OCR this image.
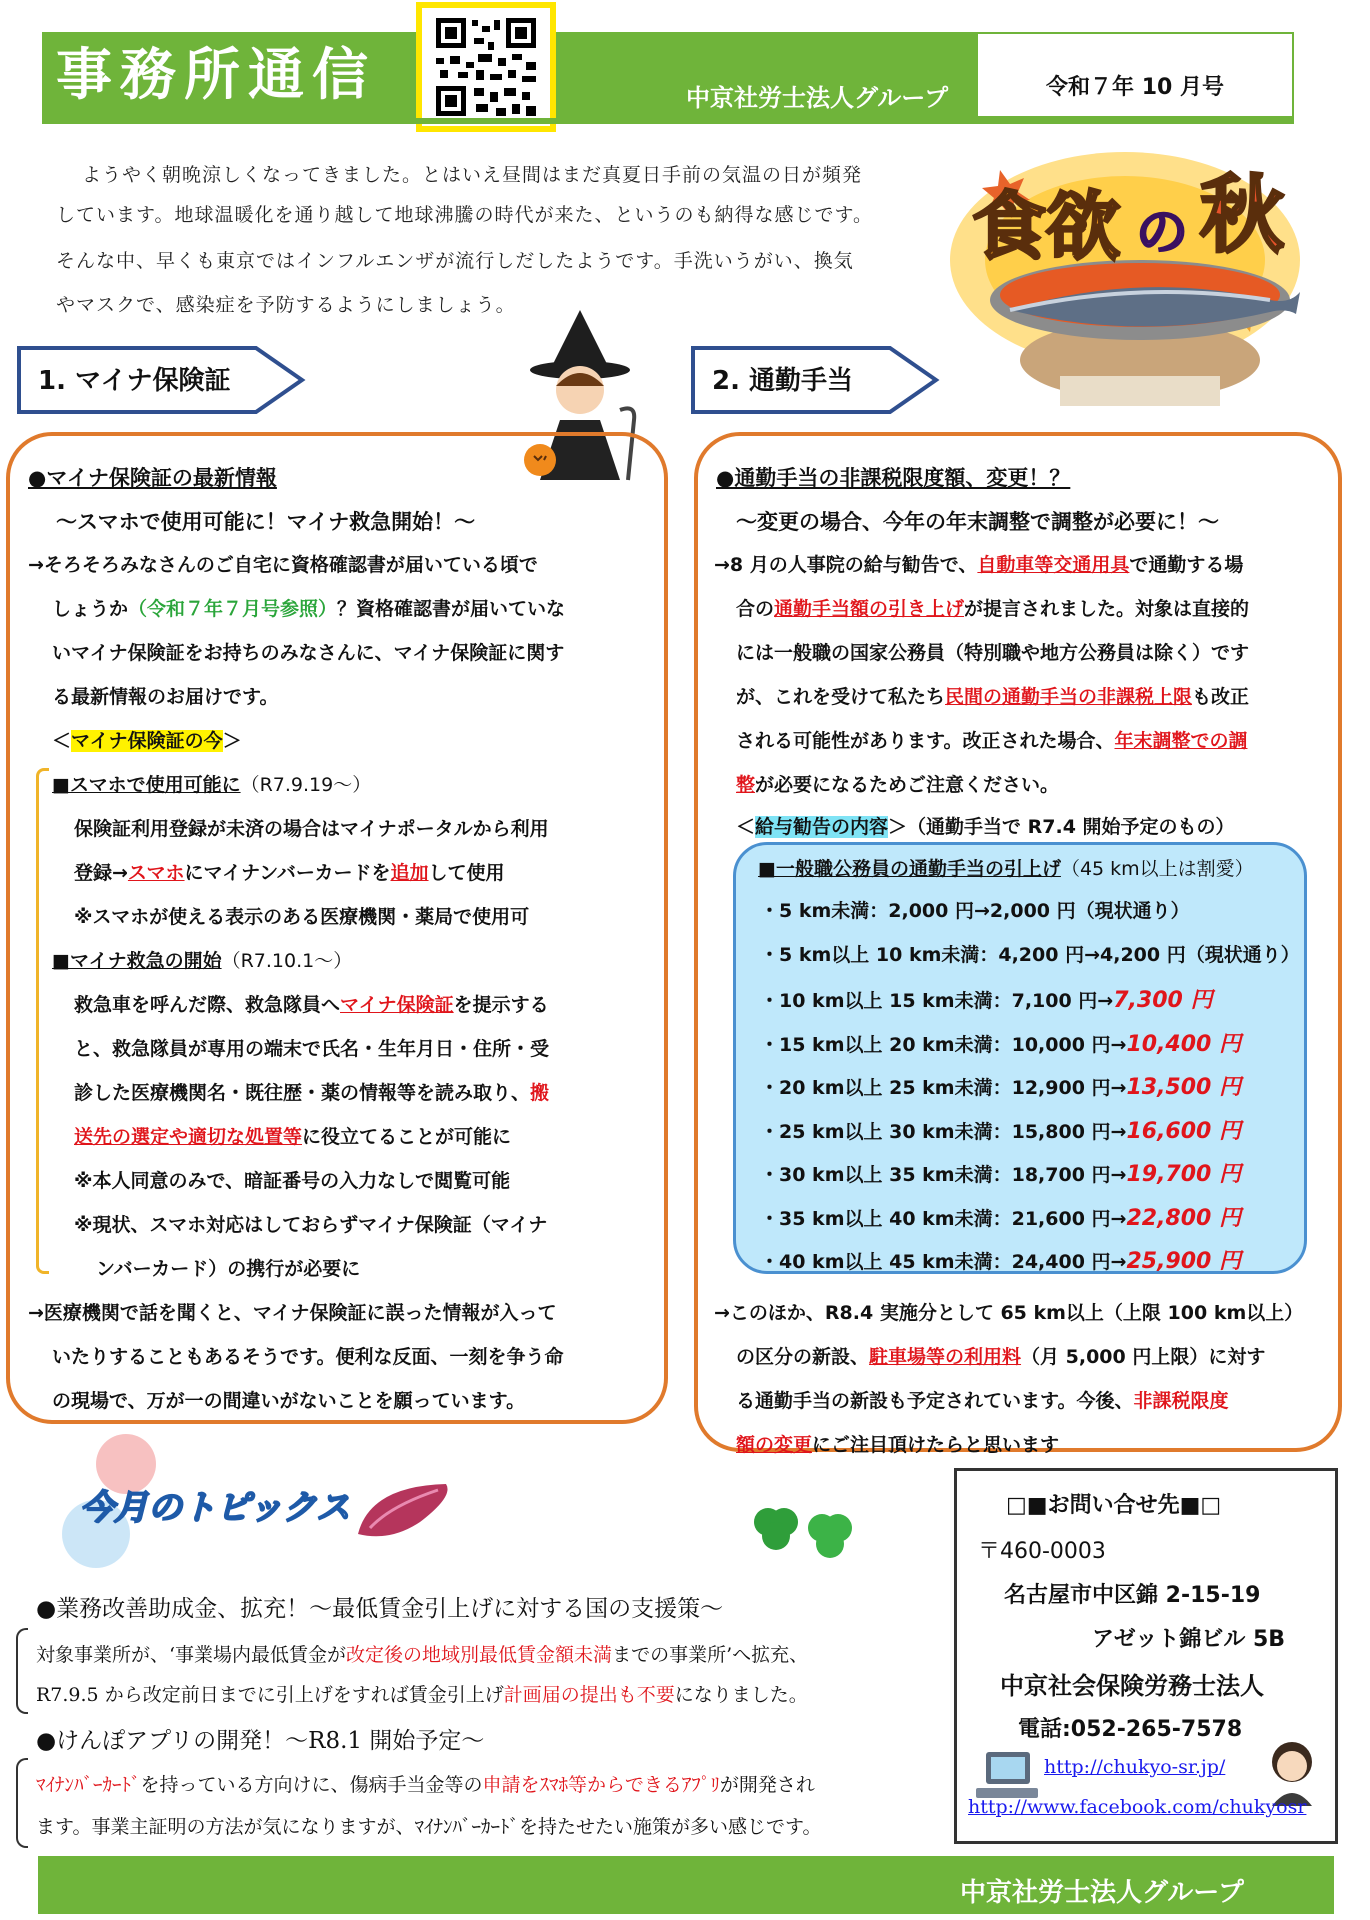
事務所通信	中京社労士法人グループ	令和７年 10 月号
ようやく朝晩涼しくなってきました。とはいえ昼間はまだ真夏日手前の気温の日が頻発
しています。地球温暖化を通り越して地球沸騰の時代が来た、というのも納得な感じです。
そんな中、早くも東京ではインフルエンザが流行しだしたようです。手洗いうがい、換気
やマスクで、感染症を予防するようにしましょう。
食欲 の 秋
1. マイナ保険証	2. 通勤手当
●マイナ保険証の最新情報
～スマホで使用可能に！マイナ救急開始！～
→そろそろみなさんのご自宅に資格確認書が届いている頃で
しょうか（令和７年７月号参照）？資格確認書が届いていな
いマイナ保険証をお持ちのみなさんに、マイナ保険証に関す
る最新情報のお届けです。
＜マイナ保険証の今＞
■スマホで使用可能に（R7.9.19～）
保険証利用登録が未済の場合はマイナポータルから利用
登録→スマホにマイナンバーカードを追加して使用
※スマホが使える表示のある医療機関・薬局で使用可
■マイナ救急の開始（R7.10.1～）
救急車を呼んだ際、救急隊員へマイナ保険証を提示する
と、救急隊員が専用の端末で氏名・生年月日・住所・受
診した医療機関名・既往歴・薬の情報等を読み取り、搬
送先の選定や適切な処置等に役立てることが可能に
※本人同意のみで、暗証番号の入力なしで閲覧可能
※現状、スマホ対応はしておらずマイナ保険証（マイナ
ンバーカード）の携行が必要に
→医療機関で話を聞くと、マイナ保険証に誤った情報が入って
いたりすることもあるそうです。便利な反面、一刻を争う命
の現場で、万が一の間違いがないことを願っています。
●通勤手当の非課税限度額、変更！？
～変更の場合、今年の年末調整で調整が必要に！～
→8 月の人事院の給与勧告で、自動車等交通用具で通勤する場
合の通勤手当額の引き上げが提言されました。対象は直接的
には一般職の国家公務員（特別職や地方公務員は除く）です
が、これを受けて私たち民間の通勤手当の非課税上限も改正
される可能性があります。改正された場合、年末調整での調
整が必要になるためご注意ください。
＜給与勧告の内容＞（通勤手当で R7.4 開始予定のもの）
■一般職公務員の通勤手当の引上げ（45 km以上は割愛）
・5 km未満：2,000 円→2,000 円（現状通り）
・5 km以上 10 km未満：4,200 円→4,200 円（現状通り）
・10 km以上 15 km未満：7,100 円→7,300 円
・15 km以上 20 km未満：10,000 円→10,400 円
・20 km以上 25 km未満：12,900 円→13,500 円
・25 km以上 30 km未満：15,800 円→16,600 円
・30 km以上 35 km未満：18,700 円→19,700 円
・35 km以上 40 km未満：21,600 円→22,800 円
・40 km以上 45 km未満：24,400 円→25,900 円
→このほか、R8.4 実施分として 65 km以上（上限 100 km以上）
の区分の新設、駐車場等の利用料（月 5,000 円上限）に対す
る通勤手当の新設も予定されています。今後、非課税限度
額の変更にご注目頂けたらと思います
今月のトピックス
●業務改善助成金、拡充！～最低賃金引上げに対する国の支援策～
対象事業所が、‘事業場内最低賃金が改定後の地域別最低賃金額未満までの事業所’へ拡充、
R7.9.5 から改定前日までに引上げをすれば賃金引上げ計画届の提出も不要になりました。
●けんぽアプリの開発！～R8.1 開始予定～
ﾏｲﾅﾝﾊﾞｰｶｰﾄﾞを持っている方向けに、傷病手当金等の申請をｽﾏﾎ等からできるｱﾌﾟﾘが開発され
ます。事業主証明の方法が気になりますが、ﾏｲﾅﾝﾊﾞｰｶｰﾄﾞを持たせたい施策が多い感じです。
□■お問い合せ先■□
〒460-0003
名古屋市中区錦 2-15-19
アゼット錦ビル 5B
中京社会保険労務士法人
電話:052-265-7578
http://chukyo-sr.jp/
http://www.facebook.com/chukyosr
中京社労士法人グループ
